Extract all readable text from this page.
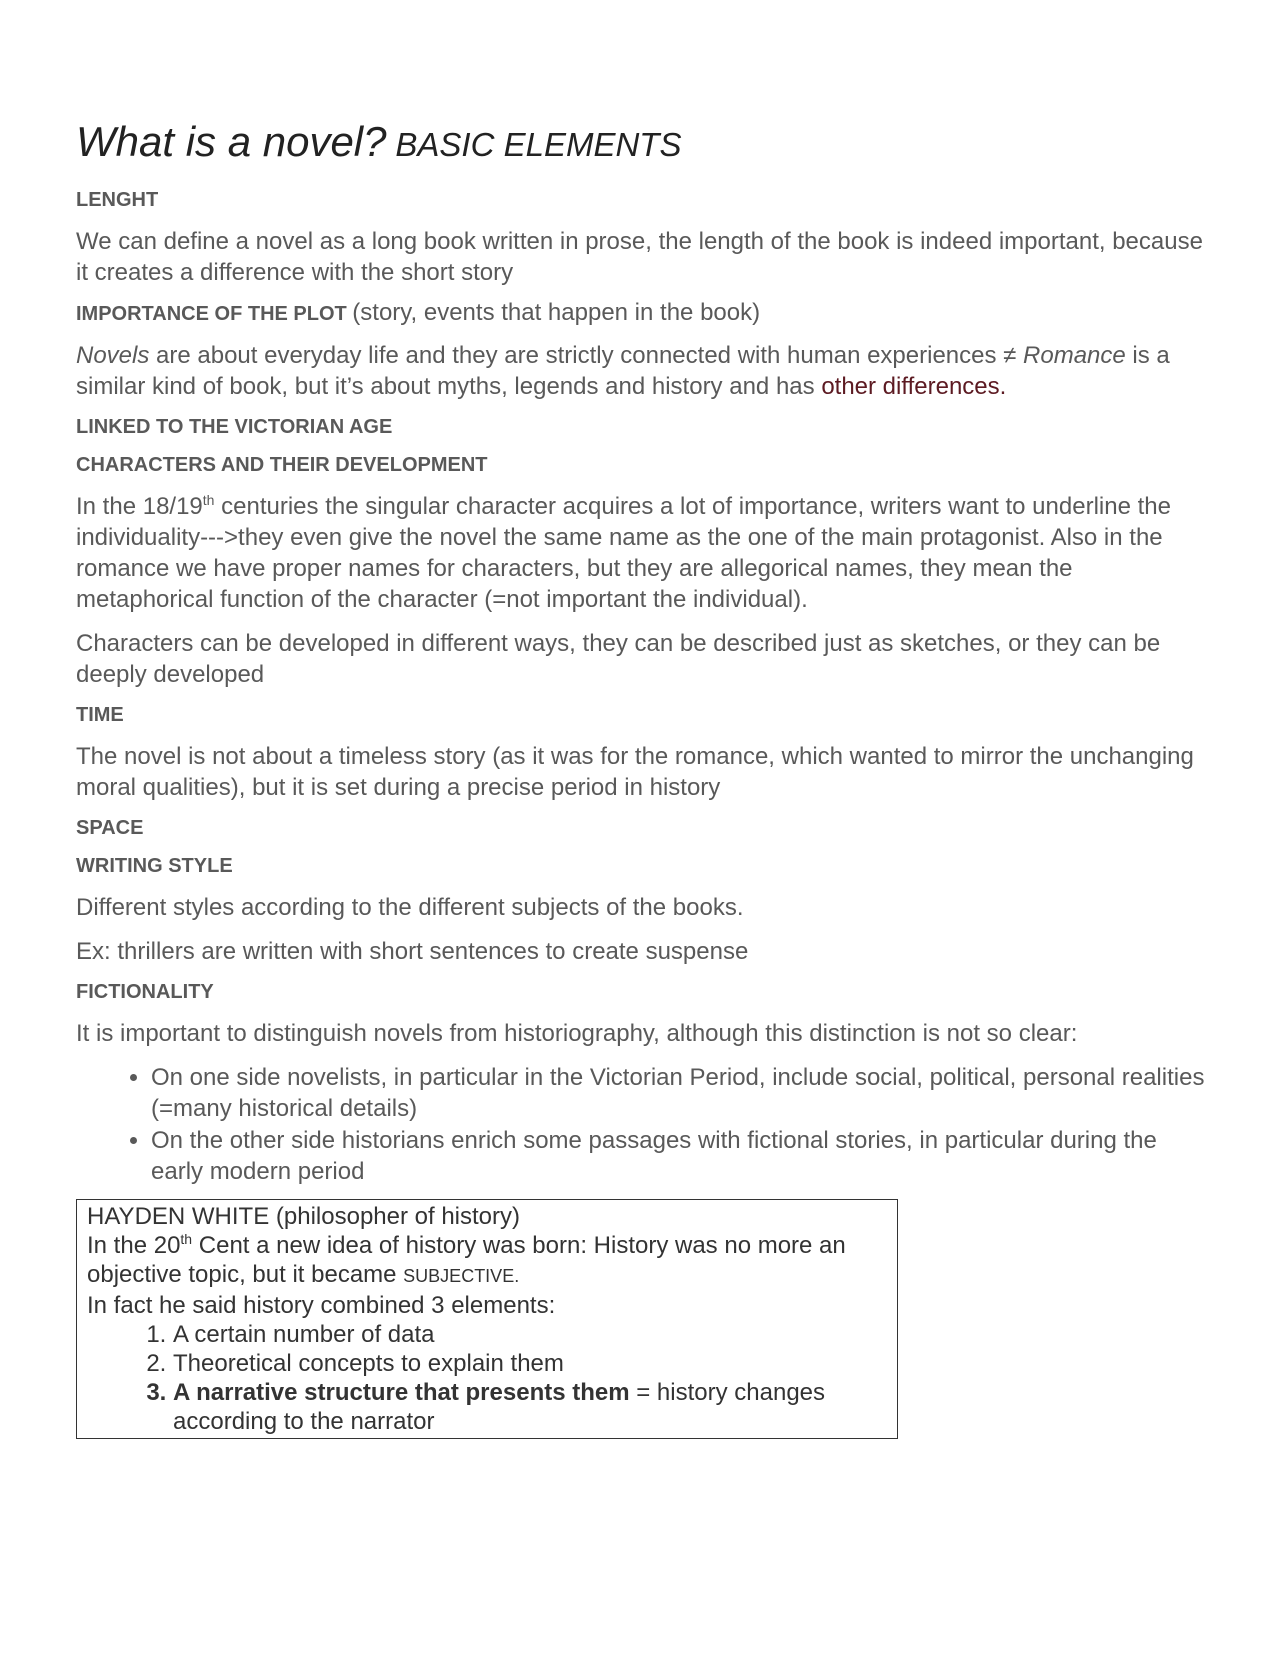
What is a novel? BASIC ELEMENTS
LENGHT
We can define a novel as a long book written in prose, the length of the book is indeed important, because it creates a difference with the short story
IMPORTANCE OF THE PLOT (story, events that happen in the book)
Novels are about everyday life and they are strictly connected with human experiences ≠ Romance is a similar kind of book, but it’s about myths, legends and history and has other differences.
LINKED TO THE VICTORIAN AGE
CHARACTERS AND THEIR DEVELOPMENT
In the 18/19th centuries the singular character acquires a lot of importance, writers want to underline the individuality--->they even give the novel the same name as the one of the main protagonist. Also in the romance we have proper names for characters, but they are allegorical names, they mean the metaphorical function of the character (=not important the individual).
Characters can be developed in different ways, they can be described just as sketches, or they can be deeply developed
TIME
The novel is not about a timeless story (as it was for the romance, which wanted to mirror the unchanging moral qualities), but it is set during a precise period in history
SPACE
WRITING STYLE
Different styles according to the different subjects of the books.
Ex: thrillers are written with short sentences to create suspense
FICTIONALITY
It is important to distinguish novels from historiography, although this distinction is not so clear:
• On one side novelists, in particular in the Victorian Period, include social, political, personal realities (=many historical details)
• On the other side historians enrich some passages with fictional stories, in particular during the early modern period
HAYDEN WHITE (philosopher of history)
In the 20th Cent a new idea of history was born: History was no more an objective topic, but it became SUBJECTIVE.
In fact he said history combined 3 elements:
1. A certain number of data
2. Theoretical concepts to explain them
3. A narrative structure that presents them = history changes according to the narrator
